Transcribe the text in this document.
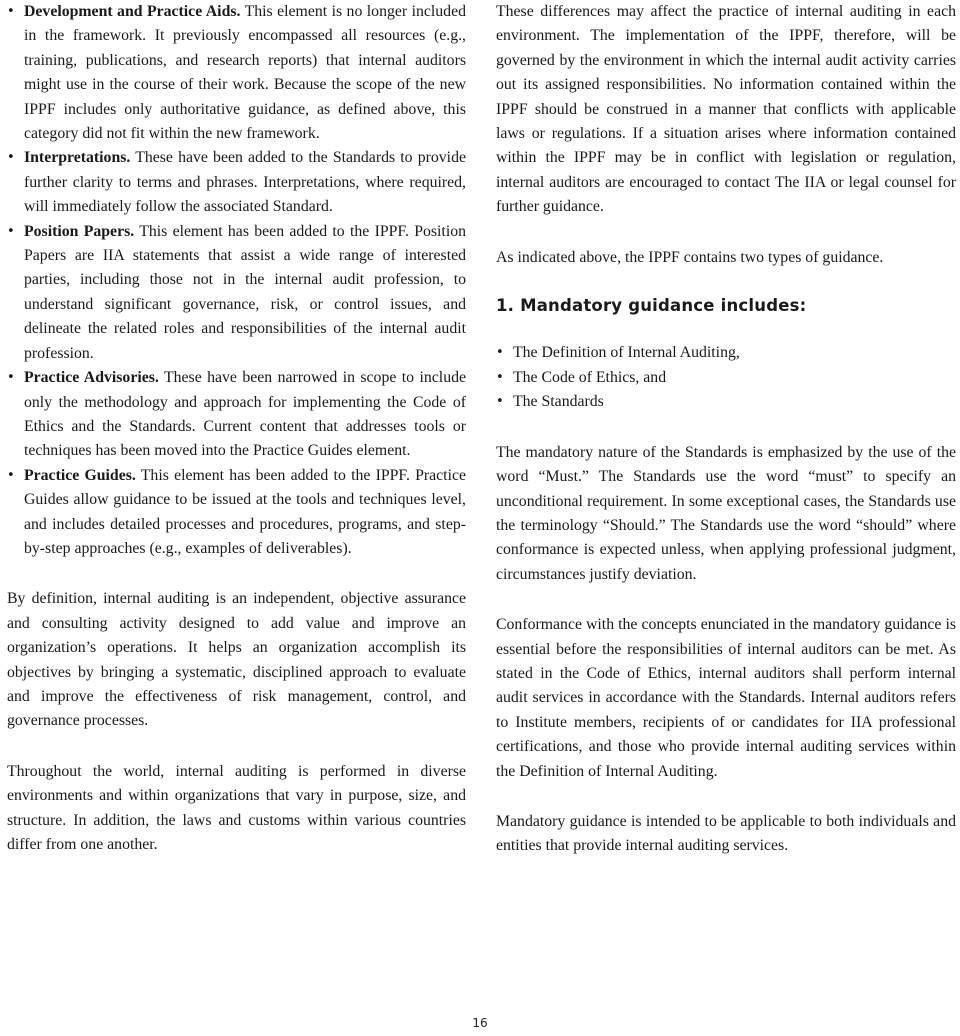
• Development and Practice Aids. This element is no longer included in the framework. It previously encompassed all resources (e.g., training, publications, and research reports) that internal auditors might use in the course of their work. Because the scope of the new IPPF includes only authoritative guidance, as defined above, this category did not fit within the new framework.
• Interpretations. These have been added to the Standards to provide further clarity to terms and phrases. Interpretations, where required, will immediately follow the associated Standard.
• Position Papers. This element has been added to the IPPF. Position Papers are IIA statements that assist a wide range of interested parties, including those not in the internal audit profession, to understand significant governance, risk, or control issues, and delineate the related roles and responsibilities of the internal audit profession.
• Practice Advisories. These have been narrowed in scope to include only the methodology and approach for implementing the Code of Ethics and the Standards. Current content that addresses tools or techniques has been moved into the Practice Guides element.
• Practice Guides. This element has been added to the IPPF. Practice Guides allow guidance to be issued at the tools and techniques level, and includes detailed processes and procedures, programs, and step-by-step approaches (e.g., examples of deliverables).

By definition, internal auditing is an independent, objective assurance and consulting activity designed to add value and improve an organization’s operations. It helps an organization accomplish its objectives by bringing a systematic, disciplined approach to evaluate and improve the effectiveness of risk management, control, and governance processes.

Throughout the world, internal auditing is performed in diverse environments and within organizations that vary in purpose, size, and structure. In addition, the laws and customs within various countries differ from one another.

These differences may affect the practice of internal auditing in each environment. The implementation of the IPPF, therefore, will be governed by the environment in which the internal audit activity carries out its assigned responsibilities. No information contained within the IPPF should be construed in a manner that conflicts with applicable laws or regulations. If a situation arises where information contained within the IPPF may be in conflict with legislation or regulation, internal auditors are encouraged to contact The IIA or legal counsel for further guidance.

As indicated above, the IPPF contains two types of guidance.

1. Mandatory guidance includes:

• The Definition of Internal Auditing,
• The Code of Ethics, and
• The Standards

The mandatory nature of the Standards is emphasized by the use of the word “Must.” The Standards use the word “must” to specify an unconditional requirement. In some exceptional cases, the Standards use the terminology “Should.” The Standards use the word “should” where conformance is expected unless, when applying professional judgment, circumstances justify deviation.

Conformance with the concepts enunciated in the mandatory guidance is essential before the responsibilities of internal auditors can be met. As stated in the Code of Ethics, internal auditors shall perform internal audit services in accordance with the Standards. Internal auditors refers to Institute members, recipients of or candidates for IIA professional certifications, and those who provide internal auditing services within the Definition of Internal Auditing.

Mandatory guidance is intended to be applicable to both individuals and entities that provide internal auditing services.

16
